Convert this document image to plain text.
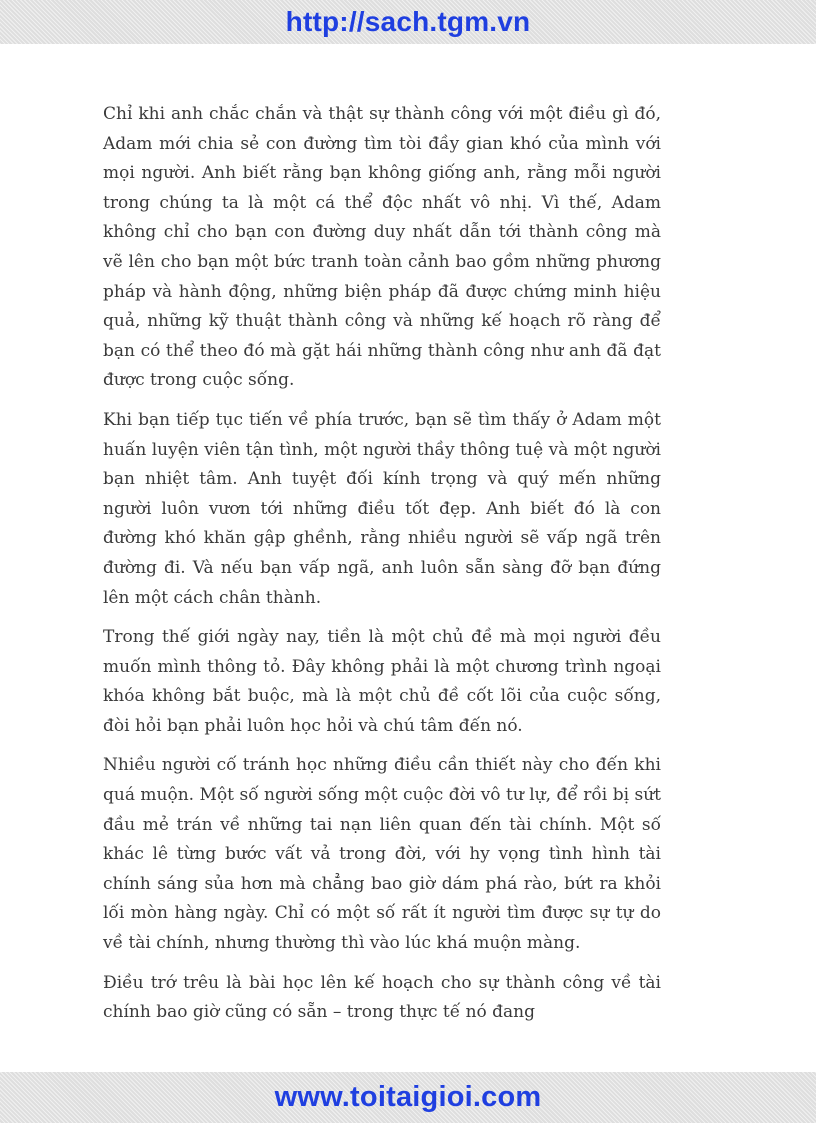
http://sach.tgm.vn

Chỉ khi anh chắc chắn và thật sự thành công với một điều gì đó, Adam mới chia sẻ con đường tìm tòi đầy gian khó của mình với mọi người. Anh biết rằng bạn không giống anh, rằng mỗi người trong chúng ta là một cá thể độc nhất vô nhị. Vì thế, Adam không chỉ cho bạn con đường duy nhất dẫn tới thành công mà vẽ lên cho bạn một bức tranh toàn cảnh bao gồm những phương pháp và hành động, những biện pháp đã được chứng minh hiệu quả, những kỹ thuật thành công và những kế hoạch rõ ràng để bạn có thể theo đó mà gặt hái những thành công như anh đã đạt được trong cuộc sống.

Khi bạn tiếp tục tiến về phía trước, bạn sẽ tìm thấy ở Adam một huấn luyện viên tận tình, một người thầy thông tuệ và một người bạn nhiệt tâm. Anh tuyệt đối kính trọng và quý mến những người luôn vươn tới những điều tốt đẹp. Anh biết đó là con đường khó khăn gập ghềnh, rằng nhiều người sẽ vấp ngã trên đường đi. Và nếu bạn vấp ngã, anh luôn sẵn sàng đỡ bạn đứng lên một cách chân thành.

Trong thế giới ngày nay, tiền là một chủ đề mà mọi người đều muốn mình thông tỏ. Đây không phải là một chương trình ngoại khóa không bắt buộc, mà là một chủ đề cốt lõi của cuộc sống, đòi hỏi bạn phải luôn học hỏi và chú tâm đến nó.

Nhiều người cố tránh học những điều cần thiết này cho đến khi quá muộn. Một số người sống một cuộc đời vô tư lự, để rồi bị sứt đầu mẻ trán về những tai nạn liên quan đến tài chính. Một số khác lê từng bước vất vả trong đời, với hy vọng tình hình tài chính sáng sủa hơn mà chẳng bao giờ dám phá rào, bứt ra khỏi lối mòn hàng ngày. Chỉ có một số rất ít người tìm được sự tự do về tài chính, nhưng thường thì vào lúc khá muộn màng.

Điều trớ trêu là bài học lên kế hoạch cho sự thành công về tài chính bao giờ cũng có sẵn – trong thực tế nó đang

www.toitaigioi.com
